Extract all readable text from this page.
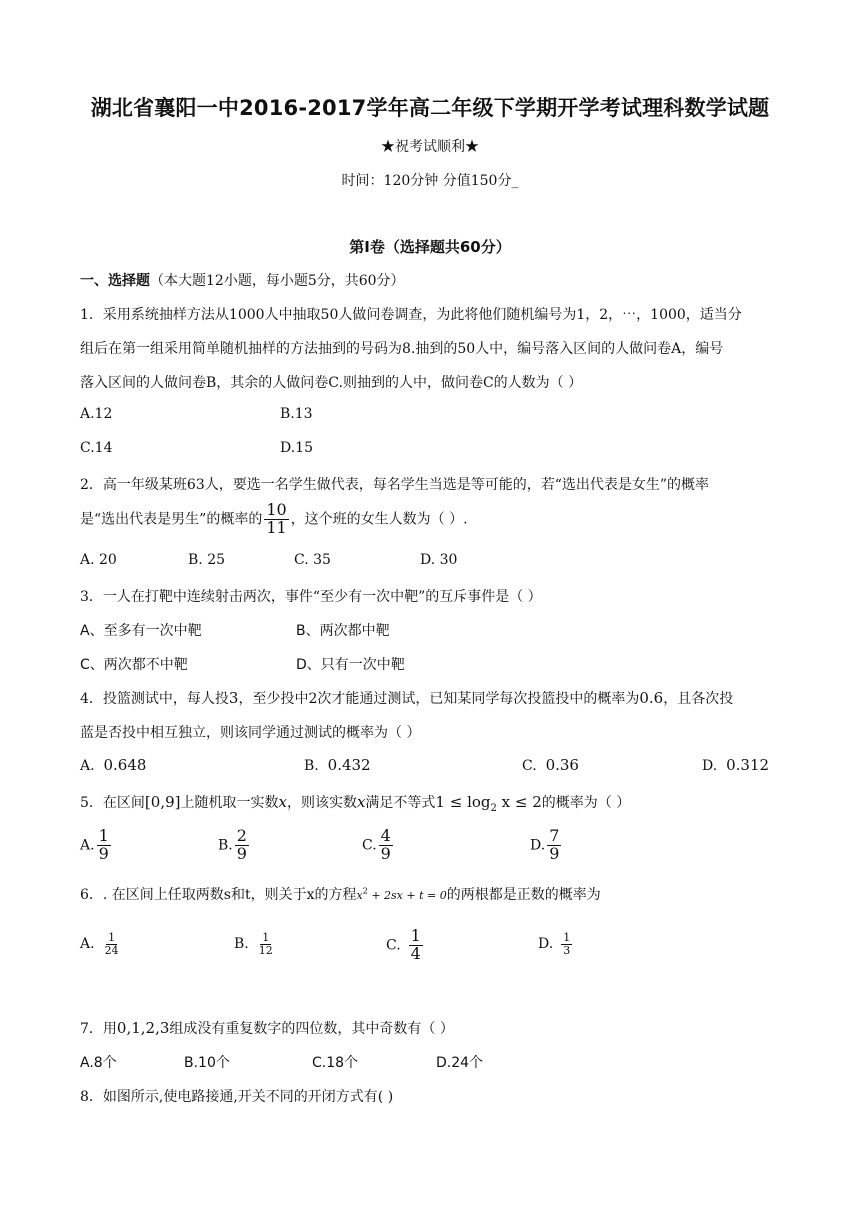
湖北省襄阳一中2016-2017学年高二年级下学期开学考试理科数学试题
★祝考试顺利★
时间：120分钟 分值150分_
第Ⅰ卷（选择题共60分）
一、选择题（本大题12小题，每小题5分，共60分）
1．采用系统抽样方法从1000人中抽取50人做问卷调查，为此将他们随机编号为1，2，⋯，1000，适当分
组后在第一组采用简单随机抽样的方法抽到的号码为8.抽到的50人中，编号落入区间的人做问卷A，编号
落入区间的人做问卷B，其余的人做问卷C.则抽到的人中，做问卷C的人数为（ ）
A.12	B.13
C.14	D.15
2．高一年级某班63人，要选一名学生做代表，每名学生当选是等可能的，若“选出代表是女生”的概率
是“选出代表是男生”的概率的 $\frac{10}{11}$ ，这个班的女生人数为（ ）.
A. 20	B. 25	C. 35	D. 30
3．一人在打靶中连续射击两次，事件“至少有一次中靶”的互斥事件是（ ）
A、至多有一次中靶	B、两次都中靶
C、两次都不中靶	D、只有一次中靶
4．投篮测试中，每人投3，至少投中2次才能通过测试，已知某同学每次投篮投中的概率为0.6，且各次投
蓝是否投中相互独立，则该同学通过测试的概率为（ ）
A. 0.648	B. 0.432	C. 0.36	D. 0.312
5．在区间[0,9]上随机取一实数x，则该实数x满足不等式$1 \le \log_2 x \le 2$的概率为（ ）
A. $\frac{1}{9}$	B. $\frac{2}{9}$	C. $\frac{4}{9}$	D. $\frac{7}{9}$
6．. 在区间上任取两数s和t，则关于x的方程$x^2 + 2sx + t = 0$的两根都是正数的概率为
A. $\frac{1}{24}$	B. $\frac{1}{12}$	C. $\frac{1}{4}$	D. $\frac{1}{3}$
7．用0,1,2,3组成没有重复数字的四位数，其中奇数有（ ）
A.8个	B.10个	C.18个	D.24个
8．如图所示,使电路接通,开关不同的开闭方式有( )
